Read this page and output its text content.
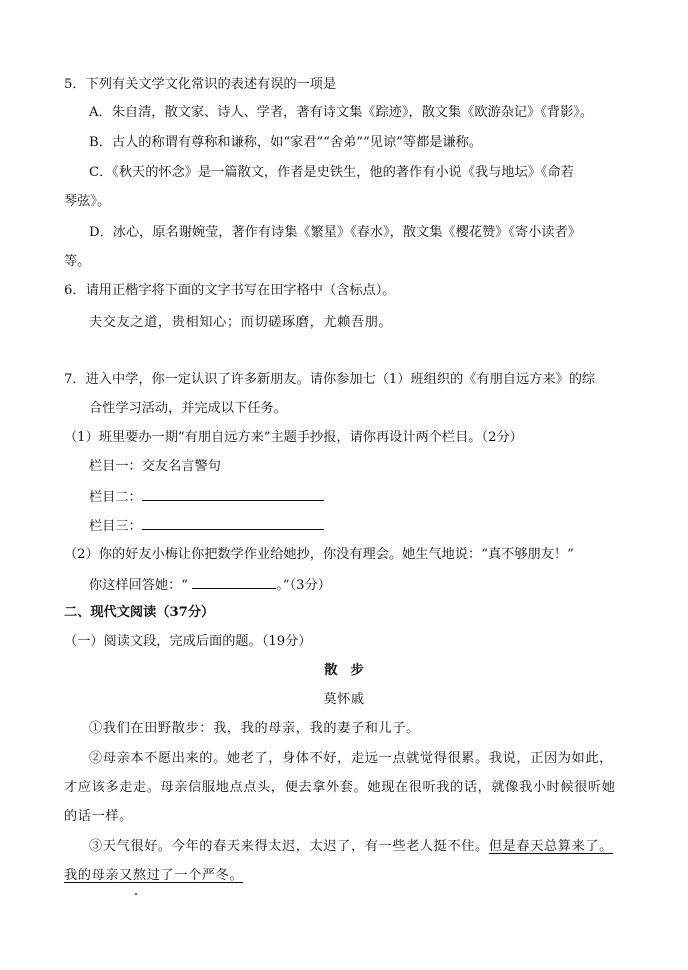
5．下列有关文学文化常识的表述有误的一项是
A．朱自清，散文家、诗人、学者，著有诗文集《踪迹》，散文集《欧游杂记》《背影》。
B．古人的称谓有尊称和谦称，如“家君”“舍弟”“见谅”等都是谦称。
C．《秋天的怀念》是一篇散文，作者是史铁生，他的著作有小说《我与地坛》《命若
琴弦》。
D．冰心，原名谢婉莹，著作有诗集《繁星》《春水》，散文集《樱花赞》《寄小读者》
等。
6．请用正楷字将下面的文字书写在田字格中（含标点）。
夫交友之道，贵相知心；而切磋琢磨，尤赖吾朋。
7．进入中学，你一定认识了许多新朋友。请你参加七（1）班组织的《有朋自远方来》的综
合性学习活动，并完成以下任务。
（1）班里要办一期“有朋自远方来”主题手抄报，请你再设计两个栏目。（2分）
栏目一：交友名言警句
栏目二：
栏目三：
（2）你的好友小梅让你把数学作业给她抄，你没有理会。她生气地说：“真不够朋友！”
你这样回答她：“	。”（3分）
二、现代文阅读（37分）
（一）阅读文段，完成后面的题。（19分）
散　步
莫怀戚
①我们在田野散步：我，我的母亲，我的妻子和儿子。
②母亲本不愿出来的。她老了，身体不好，走远一点就觉得很累。我说，正因为如此，
才应该多走走。母亲信服地点点头，便去拿外套。她现在很听我的话，就像我小时候很听她
的话一样。
③天气很好。今年的春天来得太迟，太迟了，有一些老人挺不住。但是春天总算来了。
我的母亲又熬过了一个严冬。
